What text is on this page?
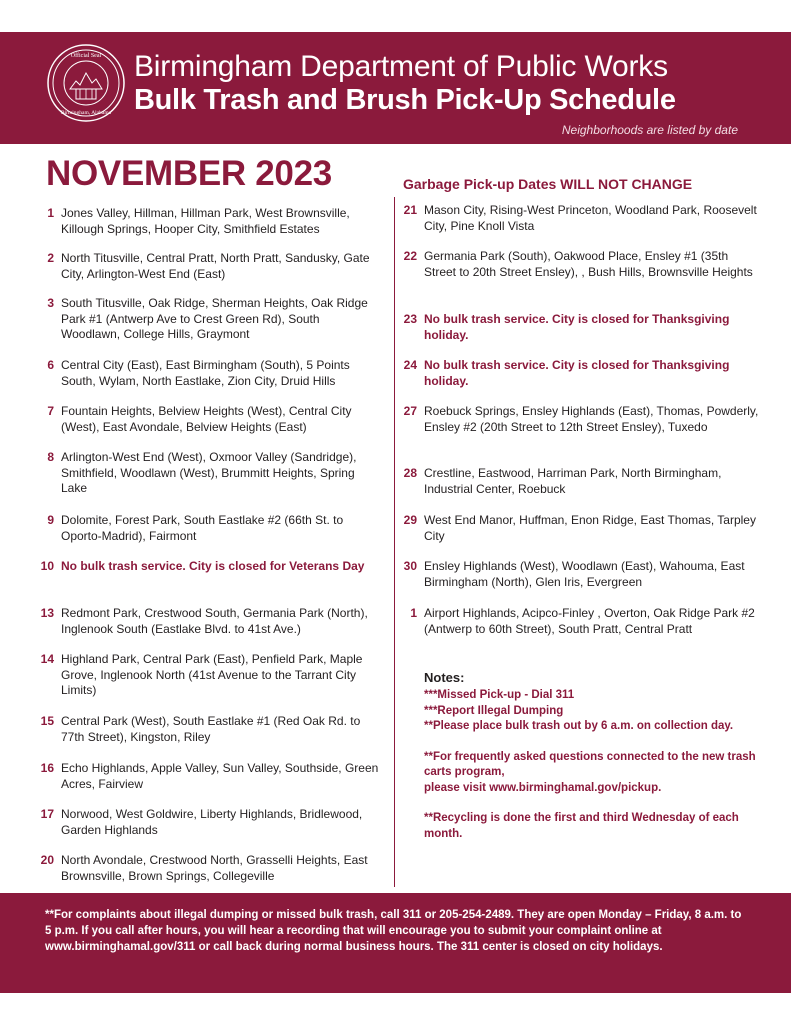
Official Seal
Birmingham, Alabama
Birmingham Department of Public Works
Bulk Trash and Brush Pick-Up Schedule
Neighborhoods are listed by date
NOVEMBER 2023	Garbage Pick-up Dates WILL NOT CHANGE
1 Jones Valley, Hillman, Hillman Park, West Brownsville, Killough Springs, Hooper City, Smithfield Estates
2 North Titusville, Central Pratt, North Pratt, Sandusky, Gate City, Arlington-West End (East)
3 South Titusville, Oak Ridge, Sherman Heights, Oak Ridge Park #1 (Antwerp Ave to Crest Green Rd), South Woodlawn, College Hills, Graymont
6 Central City (East), East Birmingham (South), 5 Points South, Wylam, North Eastlake, Zion City, Druid Hills
7 Fountain Heights, Belview Heights (West), Central City (West), East Avondale, Belview Heights (East)
8 Arlington-West End (West), Oxmoor Valley (Sandridge), Smithfield, Woodlawn (West), Brummitt Heights, Spring Lake
9 Dolomite, Forest Park, South Eastlake #2 (66th St. to Oporto-Madrid), Fairmont
10 No bulk trash service. City is closed for Veterans Day
13 Redmont Park, Crestwood South, Germania Park (North), Inglenook South (Eastlake Blvd. to 41st Ave.)
14 Highland Park, Central Park (East), Penfield Park, Maple Grove, Inglenook North (41st Avenue to the Tarrant City Limits)
15 Central Park (West), South Eastlake #1 (Red Oak Rd. to 77th Street), Kingston, Riley
16 Echo Highlands, Apple Valley, Sun Valley, Southside, Green Acres, Fairview
17 Norwood, West Goldwire, Liberty Highlands, Bridlewood, Garden Highlands
20 North Avondale, Crestwood North, Grasselli Heights, East Brownsville, Brown Springs, Collegeville
21 Mason City, Rising-West Princeton, Woodland Park, Roosevelt City, Pine Knoll Vista
22 Germania Park (South), Oakwood Place, Ensley #1 (35th Street to 20th Street Ensley), , Bush Hills, Brownsville Heights
23 No bulk trash service. City is closed for Thanksgiving holiday.
24 No bulk trash service. City is closed for Thanksgiving holiday.
27 Roebuck Springs, Ensley Highlands (East), Thomas, Powderly, Ensley #2 (20th Street to 12th Street Ensley), Tuxedo
28 Crestline, Eastwood, Harriman Park, North Birmingham, Industrial Center, Roebuck
29 West End Manor, Huffman, Enon Ridge, East Thomas, Tarpley City
30 Ensley Highlands (West), Woodlawn (East), Wahouma, East Birmingham (North), Glen Iris, Evergreen
1 Airport Highlands, Acipco-Finley , Overton, Oak Ridge Park #2 (Antwerp to 60th Street), South Pratt, Central Pratt
Notes:
***Missed Pick-up - Dial 311
***Report Illegal Dumping
**Please place bulk trash out by 6 a.m. on collection day.
**For frequently asked questions connected to the new trash carts program,
please visit www.birminghamal.gov/pickup.
**Recycling is done the first and third Wednesday of each month.
**For complaints about illegal dumping or missed bulk trash, call 311 or 205-254-2489. They are open Monday – Friday, 8 a.m. to 5 p.m. If you call after hours, you will hear a recording that will encourage you to submit your complaint online at www.birminghamal.gov/311 or call back during normal business hours. The 311 center is closed on city holidays.
